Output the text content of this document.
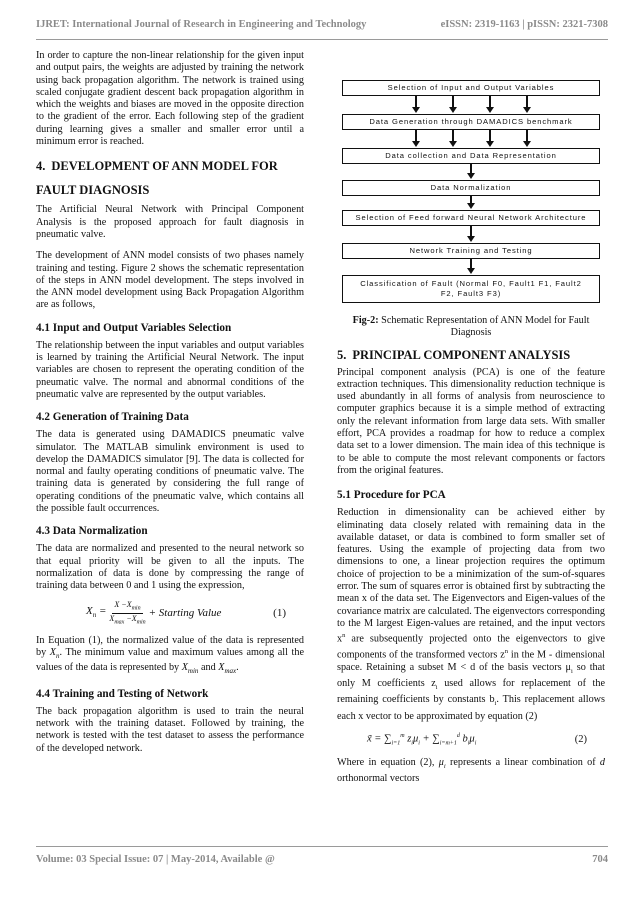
IJRET: International Journal of Research in Engineering and Technology	eISSN: 2319-1163 | pISSN: 2321-7308

In order to capture the non-linear relationship for the given input and output pairs, the weights are adjusted by training the network using back propagation algorithm. The network is trained using scaled conjugate gradient descent back propagation algorithm in which the weights and biases are moved in the opposite direction to the gradient of the error. Each following step of the gradient during learning gives a smaller and smaller error until a minimum error is reached.

4. DEVELOPMENT OF ANN MODEL FOR FAULT DIAGNOSIS

The Artificial Neural Network with Principal Component Analysis is the proposed approach for fault diagnosis in pneumatic valve.

The development of ANN model consists of two phases namely training and testing. Figure 2 shows the schematic representation of the steps in ANN model development. The steps involved in the ANN model development using Back Propagation Algorithm are as follows,

4.1 Input and Output Variables Selection

The relationship between the input variables and output variables is learned by training the Artificial Neural Network. The input variables are chosen to represent the operating condition of the pneumatic valve. The normal and abnormal conditions of the pneumatic valve are represented by the output variables.

4.2 Generation of Training Data

The data is generated using DAMADICS pneumatic valve simulator. The MATLAB simulink environment is used to develop the DAMADICS simulator [9]. The data is collected for normal and faulty operating conditions of pneumatic valve. The training data is generated by considering the full range of operating conditions of the pneumatic valve, which contains all the possible fault occurrences.

4.3 Data Normalization

The data are normalized and presented to the neural network so that equal priority will be given to all the inputs. The normalization of data is done by compressing the range of training data between 0 and 1 using the expression,

$X_n = \frac{X -X_{min}}{X_{max} -X_{min}}$ + Starting Value	(1)

In Equation (1), the normalized value of the data is represented by $X_n$. The minimum value and maximum values among all the values of the data is represented by $X_{min}$ and $X_{max}$.

4.4 Training and Testing of Network

The back propagation algorithm is used to train the neural network with the training dataset. Followed by training, the network is tested with the test dataset to assess the performance of the developed network.

Selection of Input and Output Variables
Data Generation through DAMADICS benchmark
Data collection and Data Representation
Data Normalization
Selection of Feed forward Neural Network Architecture
Network Training and Testing
Classification of Fault (Normal F0, Fault1 F1, Fault2 F2, Fault3 F3)
Fig-2: Schematic Representation of ANN Model for Fault Diagnosis
5. PRINCIPAL COMPONENT ANALYSIS

Principal component analysis (PCA) is one of the feature extraction techniques. This dimensionality reduction technique is used abundantly in all forms of analysis from neuroscience to computer graphics because it is a simple method of extracting only the relevant information from large data sets. With smaller effort, PCA provides a roadmap for how to reduce a complex data set to a lower dimension. The main idea of this technique is to be able to compute the most relevant components or factors from the original features.

5.1 Procedure for PCA

Reduction in dimensionality can be achieved either by eliminating data closely related with remaining data in the available dataset, or data is combined to form smaller set of features. Using the example of projecting data from two dimensions to one, a linear projection requires the optimum choice of projection to be a minimization of the sum-of-squares error. The sum of squares error is obtained first by subtracting the mean x of the data set. The Eigenvectors and Eigen-values of the covariance matrix are calculated. The eigenvectors corresponding to the M largest Eigen-values are retained, and the input vectors $x^n$ are subsequently projected onto the eigenvectors to give components of the transformed vectors $z^n$ in the M - dimensional space. Retaining a subset M < d of the basis vectors $\mu_i$ so that only M coefficients $z_i$ used allows for replacement of the remaining coefficients by constants $b_i$. This replacement allows each x vector to be approximated by equation (2)

x̃ = $\sum_{i=1}^m$ $z_i\mu_i + \sum_{i=m+1}^d$ $b_i\mu_i$	(2)

Where in equation (2), $\mu_i$ represents a linear combination of d orthonormal vectors

Volume: 03 Special Issue: 07 | May-2014, Available @	704
